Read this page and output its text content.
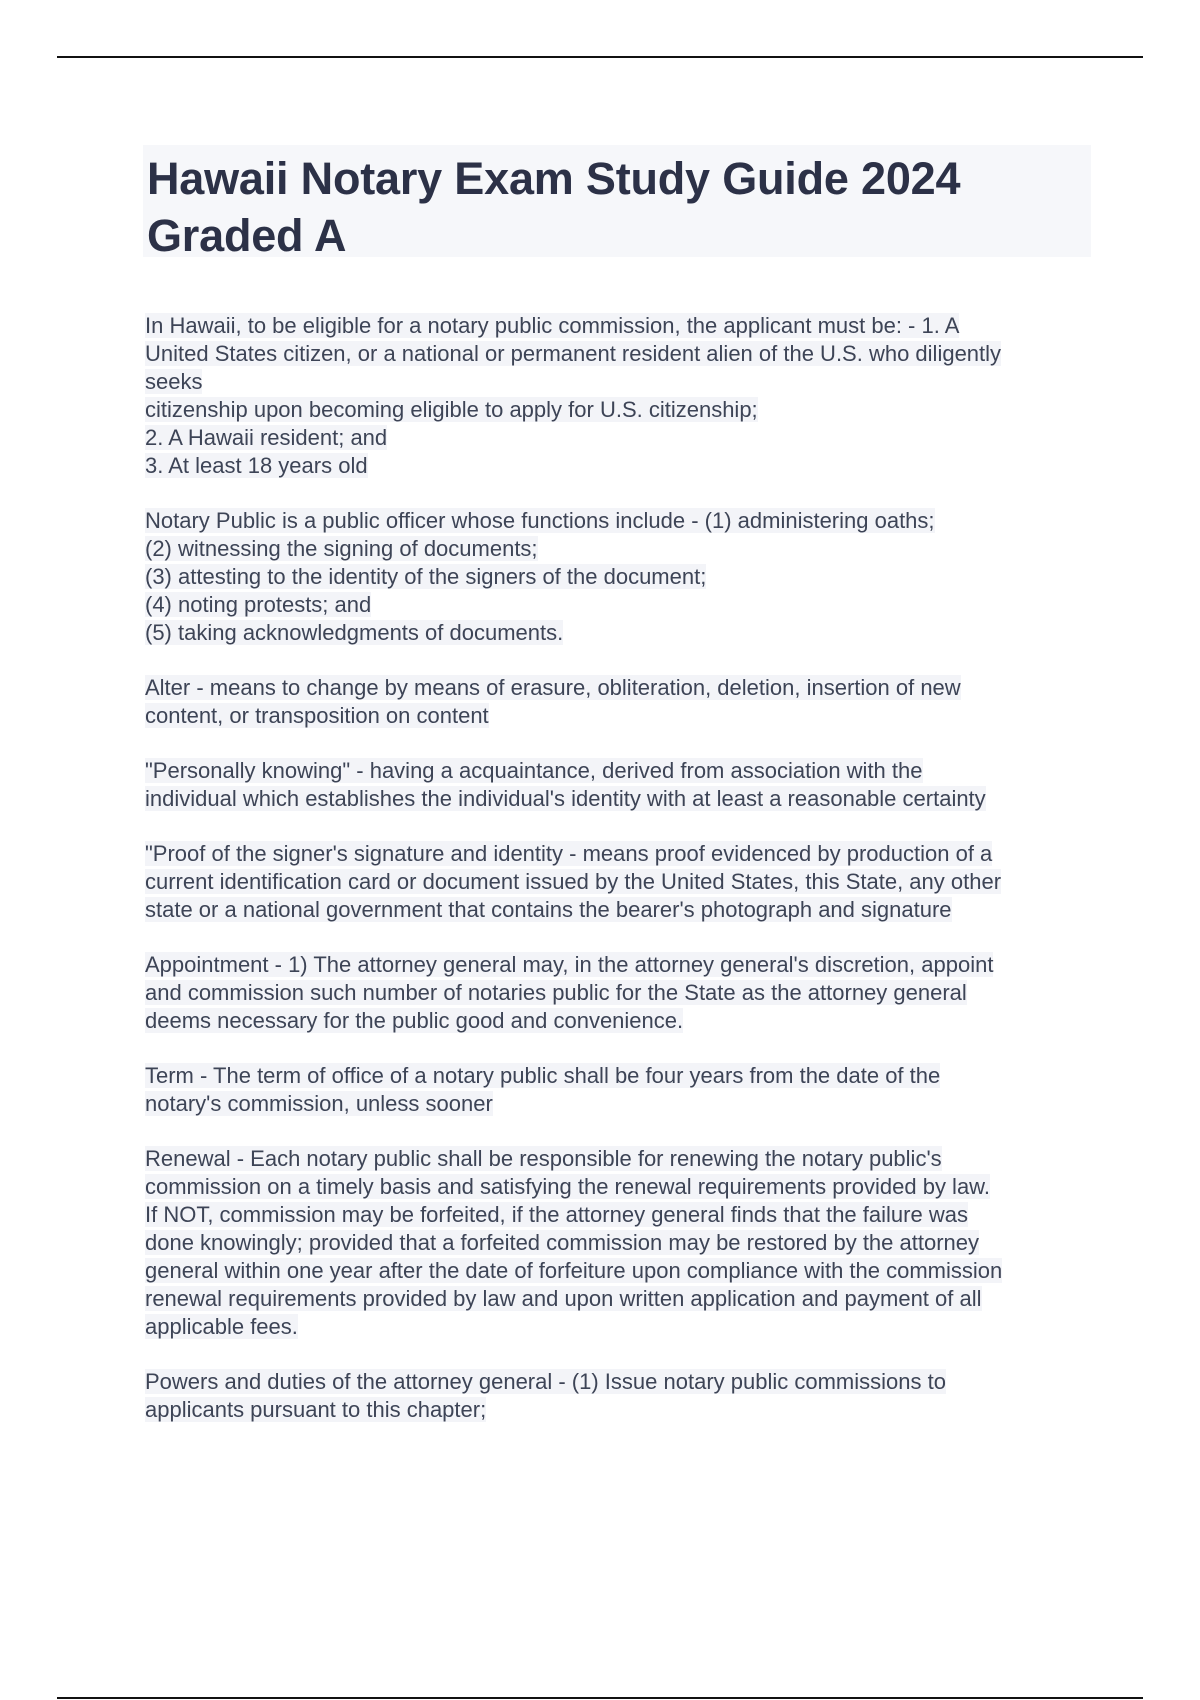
Hawaii Notary Exam Study Guide 2024
Graded A

In Hawaii, to be eligible for a notary public commission, the applicant must be: - 1. A
United States citizen, or a national or permanent resident alien of the U.S. who diligently
seeks
citizenship upon becoming eligible to apply for U.S. citizenship;
2. A Hawaii resident; and
3. At least 18 years old

Notary Public is a public officer whose functions include - (1) administering oaths;
(2) witnessing the signing of documents;
(3) attesting to the identity of the signers of the document;
(4) noting protests; and
(5) taking acknowledgments of documents.

Alter - means to change by means of erasure, obliteration, deletion, insertion of new
content, or transposition on content

"Personally knowing" - having a acquaintance, derived from association with the
individual which establishes the individual's identity with at least a reasonable certainty

"Proof of the signer's signature and identity - means proof evidenced by production of a
current identification card or document issued by the United States, this State, any other
state or a national government that contains the bearer's photograph and signature

Appointment - 1) The attorney general may, in the attorney general's discretion, appoint
and commission such number of notaries public for the State as the attorney general
deems necessary for the public good and convenience.

Term - The term of office of a notary public shall be four years from the date of the
notary's commission, unless sooner

Renewal - Each notary public shall be responsible for renewing the notary public's
commission on a timely basis and satisfying the renewal requirements provided by law.
If NOT, commission may be forfeited, if the attorney general finds that the failure was
done knowingly; provided that a forfeited commission may be restored by the attorney
general within one year after the date of forfeiture upon compliance with the commission
renewal requirements provided by law and upon written application and payment of all
applicable fees.

Powers and duties of the attorney general - (1) Issue notary public commissions to
applicants pursuant to this chapter;
